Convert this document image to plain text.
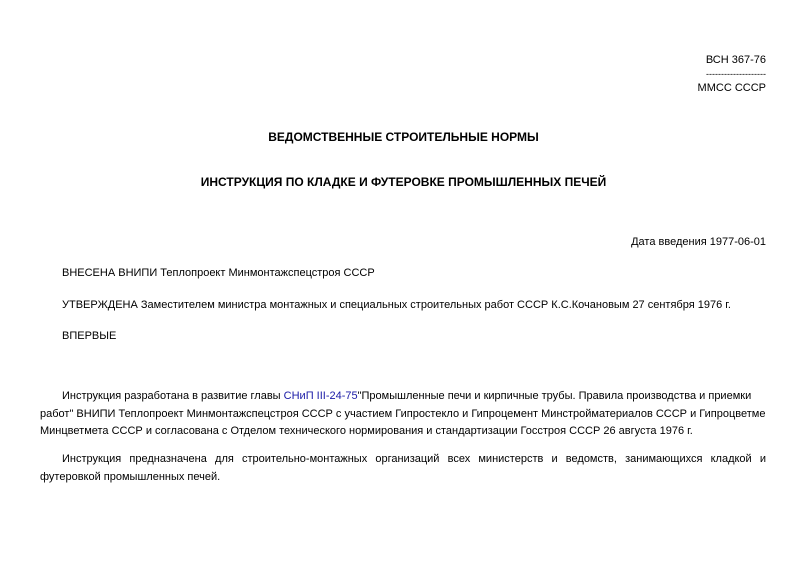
ВСН 367-76
--------------------
ММСС СССР
ВЕДОМСТВЕННЫЕ СТРОИТЕЛЬНЫЕ НОРМЫ
ИНСТРУКЦИЯ ПО КЛАДКЕ И ФУТЕРОВКЕ ПРОМЫШЛЕННЫХ ПЕЧЕЙ
Дата введения 1977-06-01
ВНЕСЕНА ВНИПИ Теплопроект Минмонтажспецстроя СССР
УТВЕРЖДЕНА Заместителем министра монтажных и специальных строительных работ СССР К.С.Кочановым 27 сентября 1976 г.
ВПЕРВЫЕ
Инструкция разработана в развитие главы СНиП III-24-75"Промышленные печи и кирпичные трубы. Правила производства и приемки
работ" ВНИПИ Теплопроект Минмонтажспецстроя СССР с участием Гипростекло и Гипроцемент Минстройматериалов СССР и Гипроцветме
Минцветмета СССР и согласована с Отделом технического нормирования и стандартизации Госстроя СССР 26 августа 1976 г.
Инструкция предназначена для строительно-монтажных организаций всех министерств и ведомств, занимающихся кладкой и футеровкой промышленных печей.
